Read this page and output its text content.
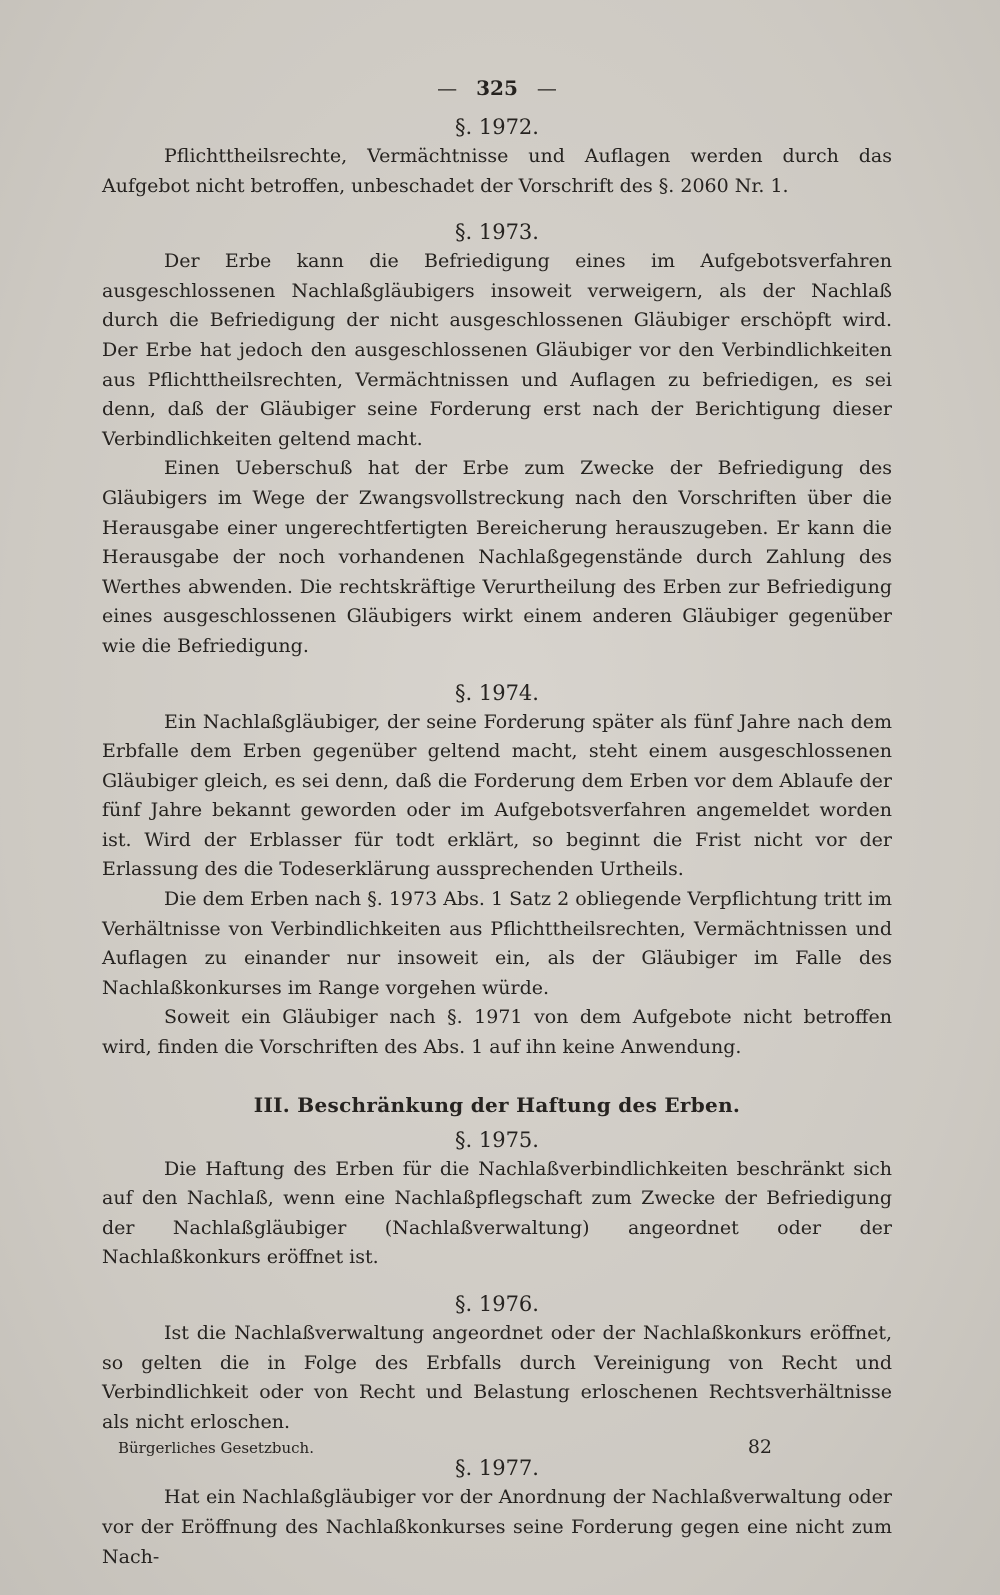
— 325 —
§. 1972.

Pflichttheilsrechte, Vermächtnisse und Auflagen werden durch das Aufgebot nicht betroffen, unbeschadet der Vorschrift des §. 2060 Nr. 1.

§. 1973.

Der Erbe kann die Befriedigung eines im Aufgebotsverfahren ausgeschlossenen Nachlaßgläubigers insoweit verweigern, als der Nachlaß durch die Befriedigung der nicht ausgeschlossenen Gläubiger erschöpft wird. Der Erbe hat jedoch den ausgeschlossenen Gläubiger vor den Verbindlichkeiten aus Pflichttheilsrechten, Vermächtnissen und Auflagen zu befriedigen, es sei denn, daß der Gläubiger seine Forderung erst nach der Berichtigung dieser Verbindlichkeiten geltend macht.

Einen Ueberschuß hat der Erbe zum Zwecke der Befriedigung des Gläubigers im Wege der Zwangsvollstreckung nach den Vorschriften über die Herausgabe einer ungerechtfertigten Bereicherung herauszugeben. Er kann die Herausgabe der noch vorhandenen Nachlaßgegenstände durch Zahlung des Werthes abwenden. Die rechtskräftige Verurtheilung des Erben zur Befriedigung eines ausgeschlossenen Gläubigers wirkt einem anderen Gläubiger gegenüber wie die Befriedigung.

§. 1974.

Ein Nachlaßgläubiger, der seine Forderung später als fünf Jahre nach dem Erbfalle dem Erben gegenüber geltend macht, steht einem ausgeschlossenen Gläubiger gleich, es sei denn, daß die Forderung dem Erben vor dem Ablaufe der fünf Jahre bekannt geworden oder im Aufgebotsverfahren angemeldet worden ist. Wird der Erblasser für todt erklärt, so beginnt die Frist nicht vor der Erlassung des die Todeserklärung aussprechenden Urtheils.

Die dem Erben nach §. 1973 Abs. 1 Satz 2 obliegende Verpflichtung tritt im Verhältnisse von Verbindlichkeiten aus Pflichttheilsrechten, Vermächtnissen und Auflagen zu einander nur insoweit ein, als der Gläubiger im Falle des Nachlaßkonkurses im Range vorgehen würde.

Soweit ein Gläubiger nach §. 1971 von dem Aufgebote nicht betroffen wird, finden die Vorschriften des Abs. 1 auf ihn keine Anwendung.

III. Beschränkung der Haftung des Erben.
§. 1975.

Die Haftung des Erben für die Nachlaßverbindlichkeiten beschränkt sich auf den Nachlaß, wenn eine Nachlaßpflegschaft zum Zwecke der Befriedigung der Nachlaßgläubiger (Nachlaßverwaltung) angeordnet oder der Nachlaßkonkurs eröffnet ist.

§. 1976.

Ist die Nachlaßverwaltung angeordnet oder der Nachlaßkonkurs eröffnet, so gelten die in Folge des Erbfalls durch Vereinigung von Recht und Verbindlichkeit oder von Recht und Belastung erloschenen Rechtsverhältnisse als nicht erloschen.

§. 1977.

Hat ein Nachlaßgläubiger vor der Anordnung der Nachlaßverwaltung oder vor der Eröffnung des Nachlaßkonkurses seine Forderung gegen eine nicht zum Nach-

Bürgerliches Gesetzbuch.	82
